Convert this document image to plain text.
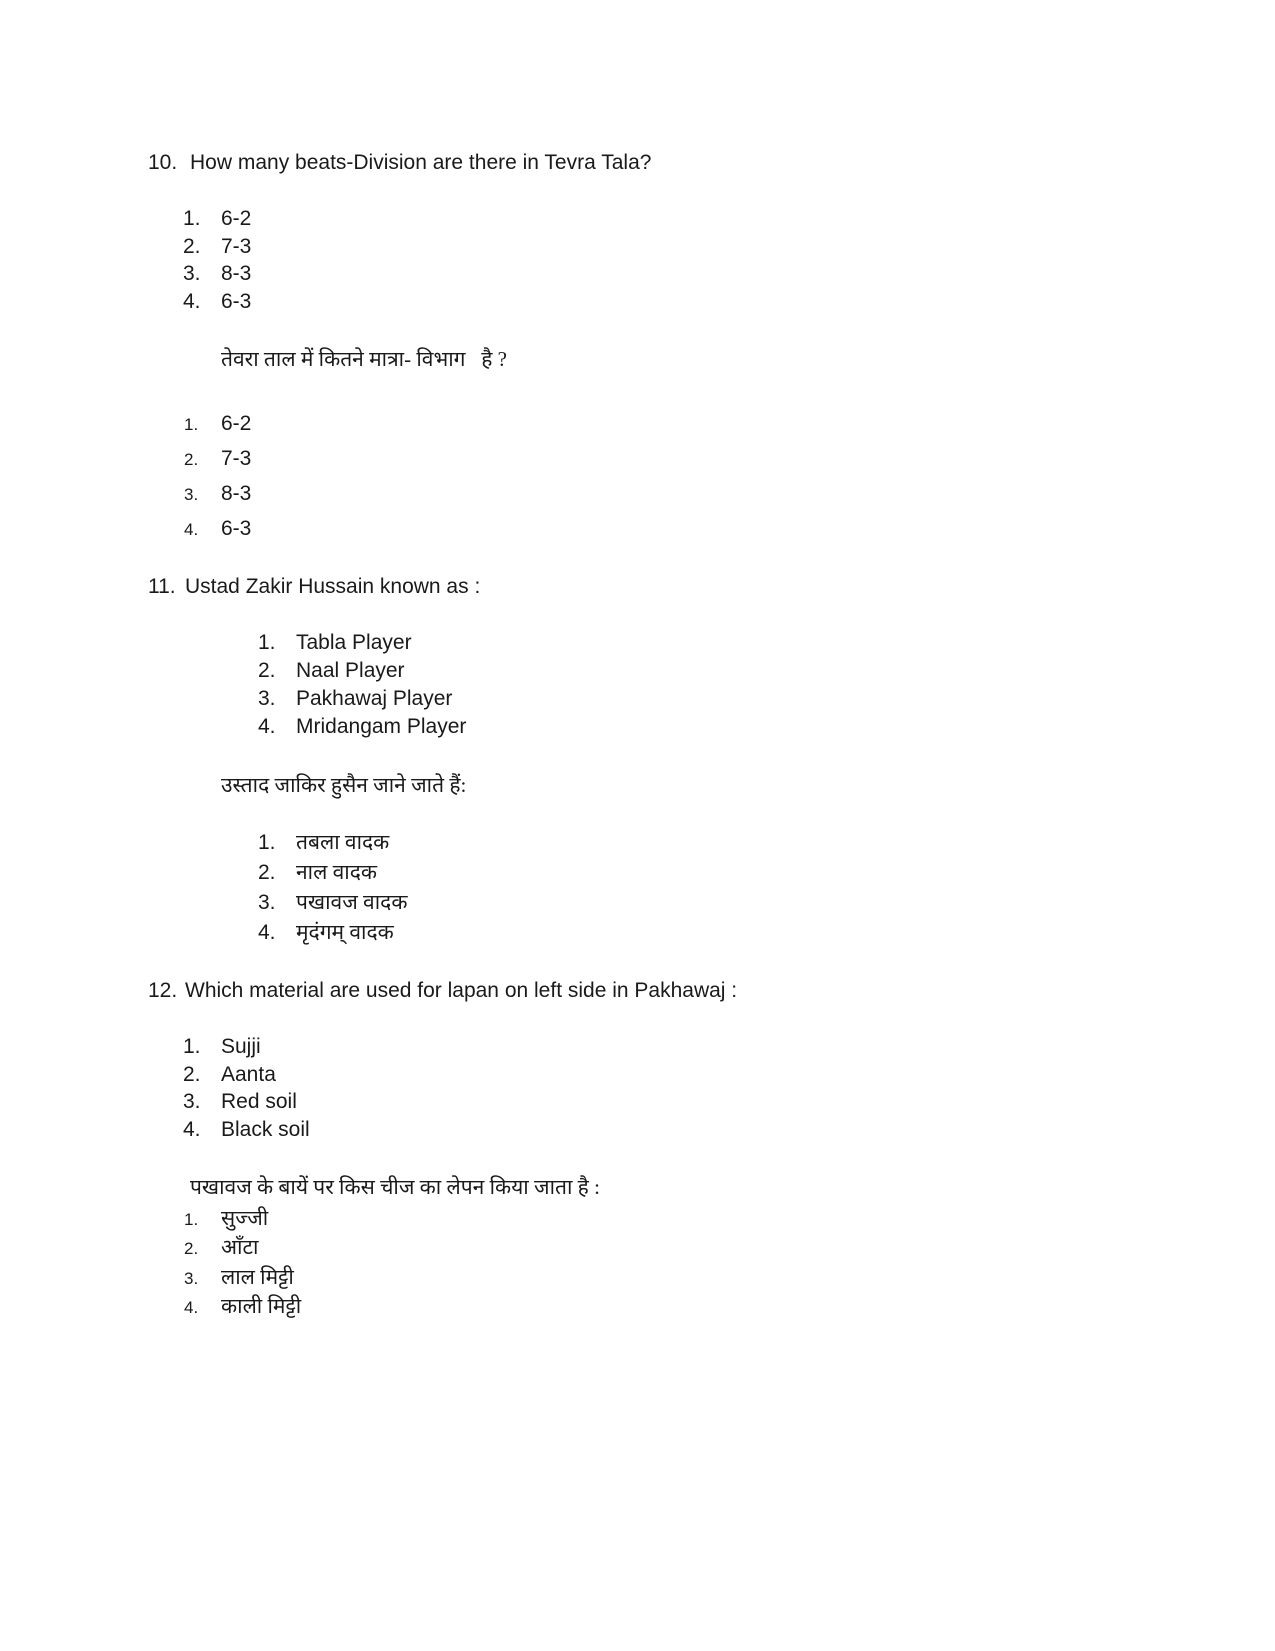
10. How many beats-Division are there in Tevra Tala?
1. 6-2
2. 7-3
3. 8-3
4. 6-3
तेवरा ताल में कितने मात्रा- विभाग   है ?
1. 6-2
2. 7-3
3. 8-3
4. 6-3
11. Ustad Zakir Hussain known as :
1. Tabla Player
2. Naal Player
3. Pakhawaj Player
4. Mridangam Player
उस्ताद जाकिर हुसैन जाने जाते हैं:
1. तबला वादक
2. नाल वादक
3. पखावज वादक
4. मृदंगम् वादक
12. Which material are used for lapan on left side in Pakhawaj :
1. Sujji
2. Aanta
3. Red soil
4. Black soil
पखावज के बायें पर किस चीज का लेपन किया जाता है :
1. सुज्जी
2. आँटा
3. लाल मिट्टी
4. काली मिट्टी
